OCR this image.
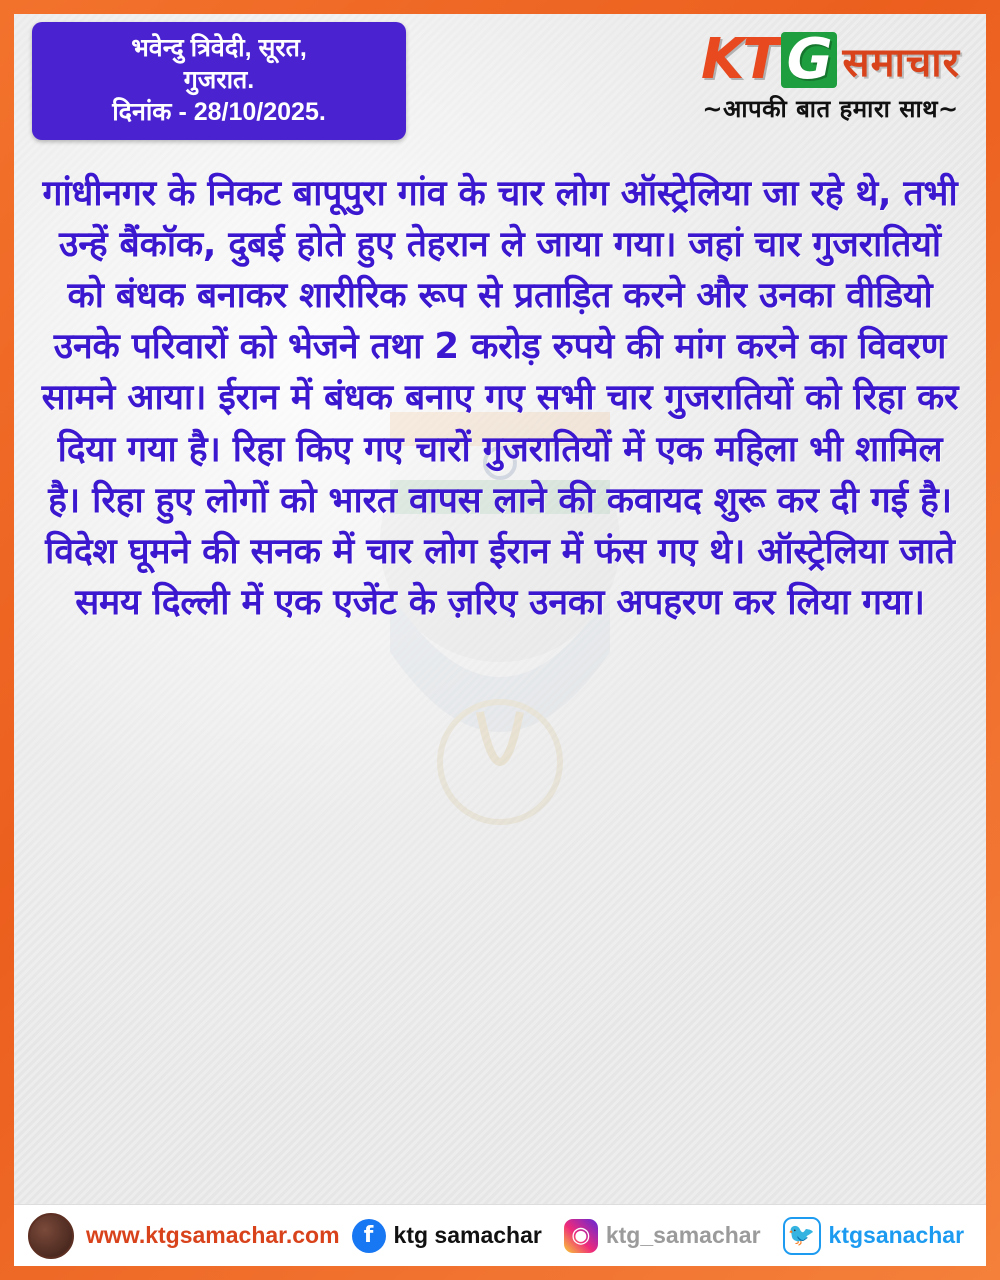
भवेन्दु त्रिवेदी, सूरत,
गुजरात.
दिनांक - 28/10/2025.
KT G समाचार
~आपकी बात हमारा साथ~
गांधीनगर के निकट बापूपुरा गांव के चार लोग ऑस्ट्रेलिया जा रहे थे, तभी उन्हें बैंकॉक, दुबई होते हुए तेहरान ले जाया गया। जहां चार गुजरातियों को बंधक बनाकर शारीरिक रूप से प्रताड़ित करने और उनका वीडियो उनके परिवारों को भेजने तथा 2 करोड़ रुपये की मांग करने का विवरण सामने आया। ईरान में बंधक बनाए गए सभी चार गुजरातियों को रिहा कर दिया गया है। रिहा किए गए चारों गुजरातियों में एक महिला भी शामिल है। रिहा हुए लोगों को भारत वापस लाने की कवायद शुरू कर दी गई है। विदेश घूमने की सनक में चार लोग ईरान में फंस गए थे। ऑस्ट्रेलिया जाते समय दिल्ली में एक एजेंट के ज़रिए उनका अपहरण कर लिया गया।
www.ktgsamachar.com	f ktg samachar	◉ ktg_samachar 🐦 ktgsanachar
